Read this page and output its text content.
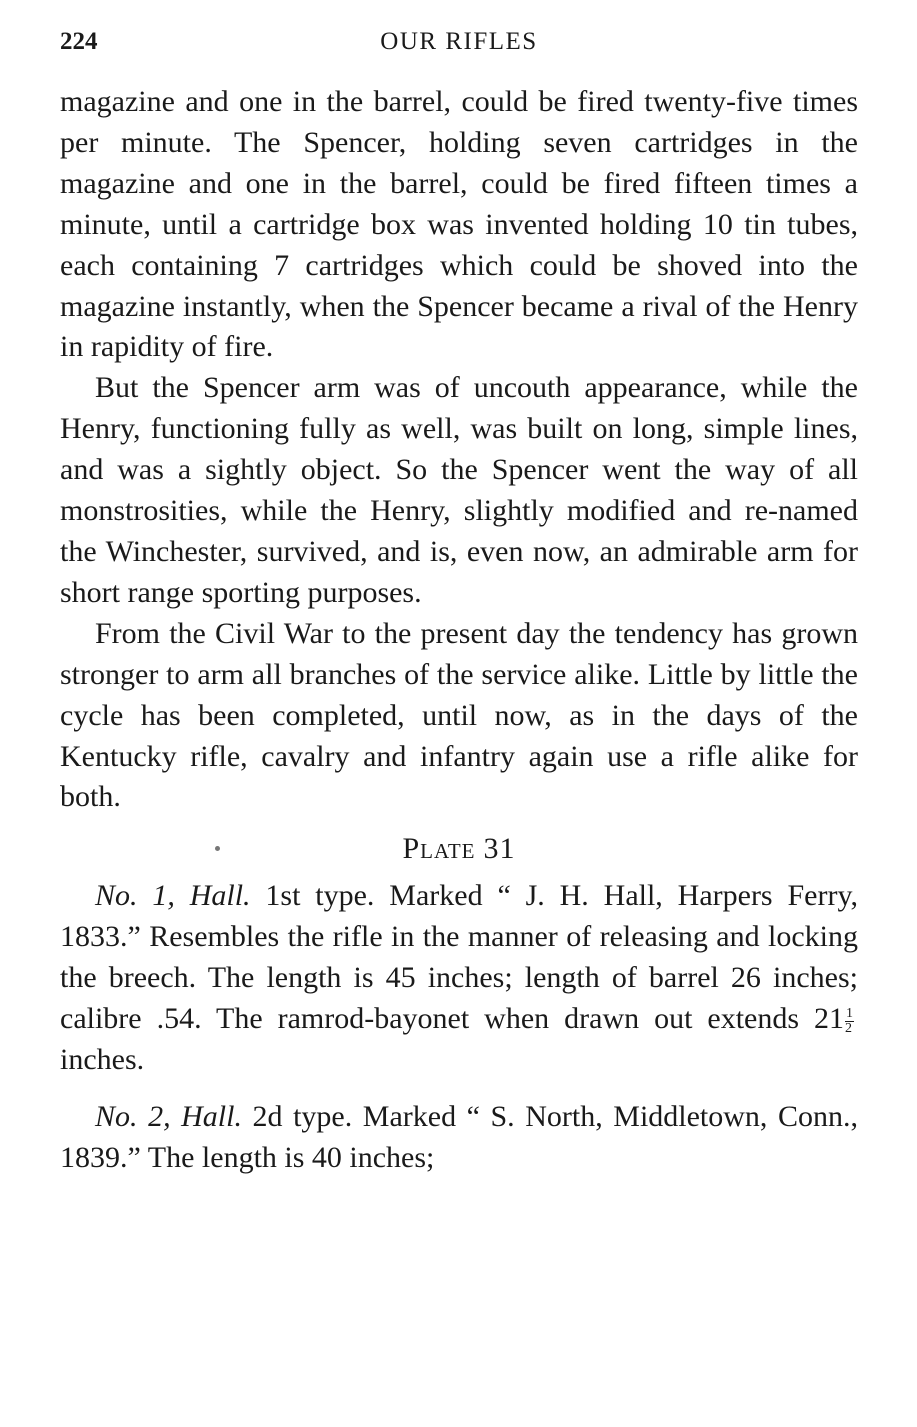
224	OUR RIFLES

magazine and one in the barrel, could be fired twenty-five times per minute. The Spencer, holding seven cartridges in the magazine and one in the barrel, could be fired fifteen times a minute, until a cartridge box was invented holding 10 tin tubes, each containing 7 cartridges which could be shoved into the magazine instantly, when the Spencer became a rival of the Henry in rapidity of fire.

But the Spencer arm was of uncouth appearance, while the Henry, functioning fully as well, was built on long, simple lines, and was a sightly object. So the Spencer went the way of all monstrosities, while the Henry, slightly modified and re-named the Winchester, survived, and is, even now, an admirable arm for short range sporting purposes.

From the Civil War to the present day the tendency has grown stronger to arm all branches of the service alike. Little by little the cycle has been completed, until now, as in the days of the Kentucky rifle, cavalry and infantry again use a rifle alike for both.

Plate 31

No. 1, Hall. 1st type. Marked “ J. H. Hall, Harpers Ferry, 1833.” Resembles the rifle in the manner of releasing and locking the breech. The length is 45 inches; length of barrel 26 inches; calibre .54. The ramrod-bayonet when drawn out extends $21 \frac{1}{2}$
inches.

No. 2, Hall. 2d type. Marked “ S. North, Middletown, Conn., 1839.” The length is 40 inches;
